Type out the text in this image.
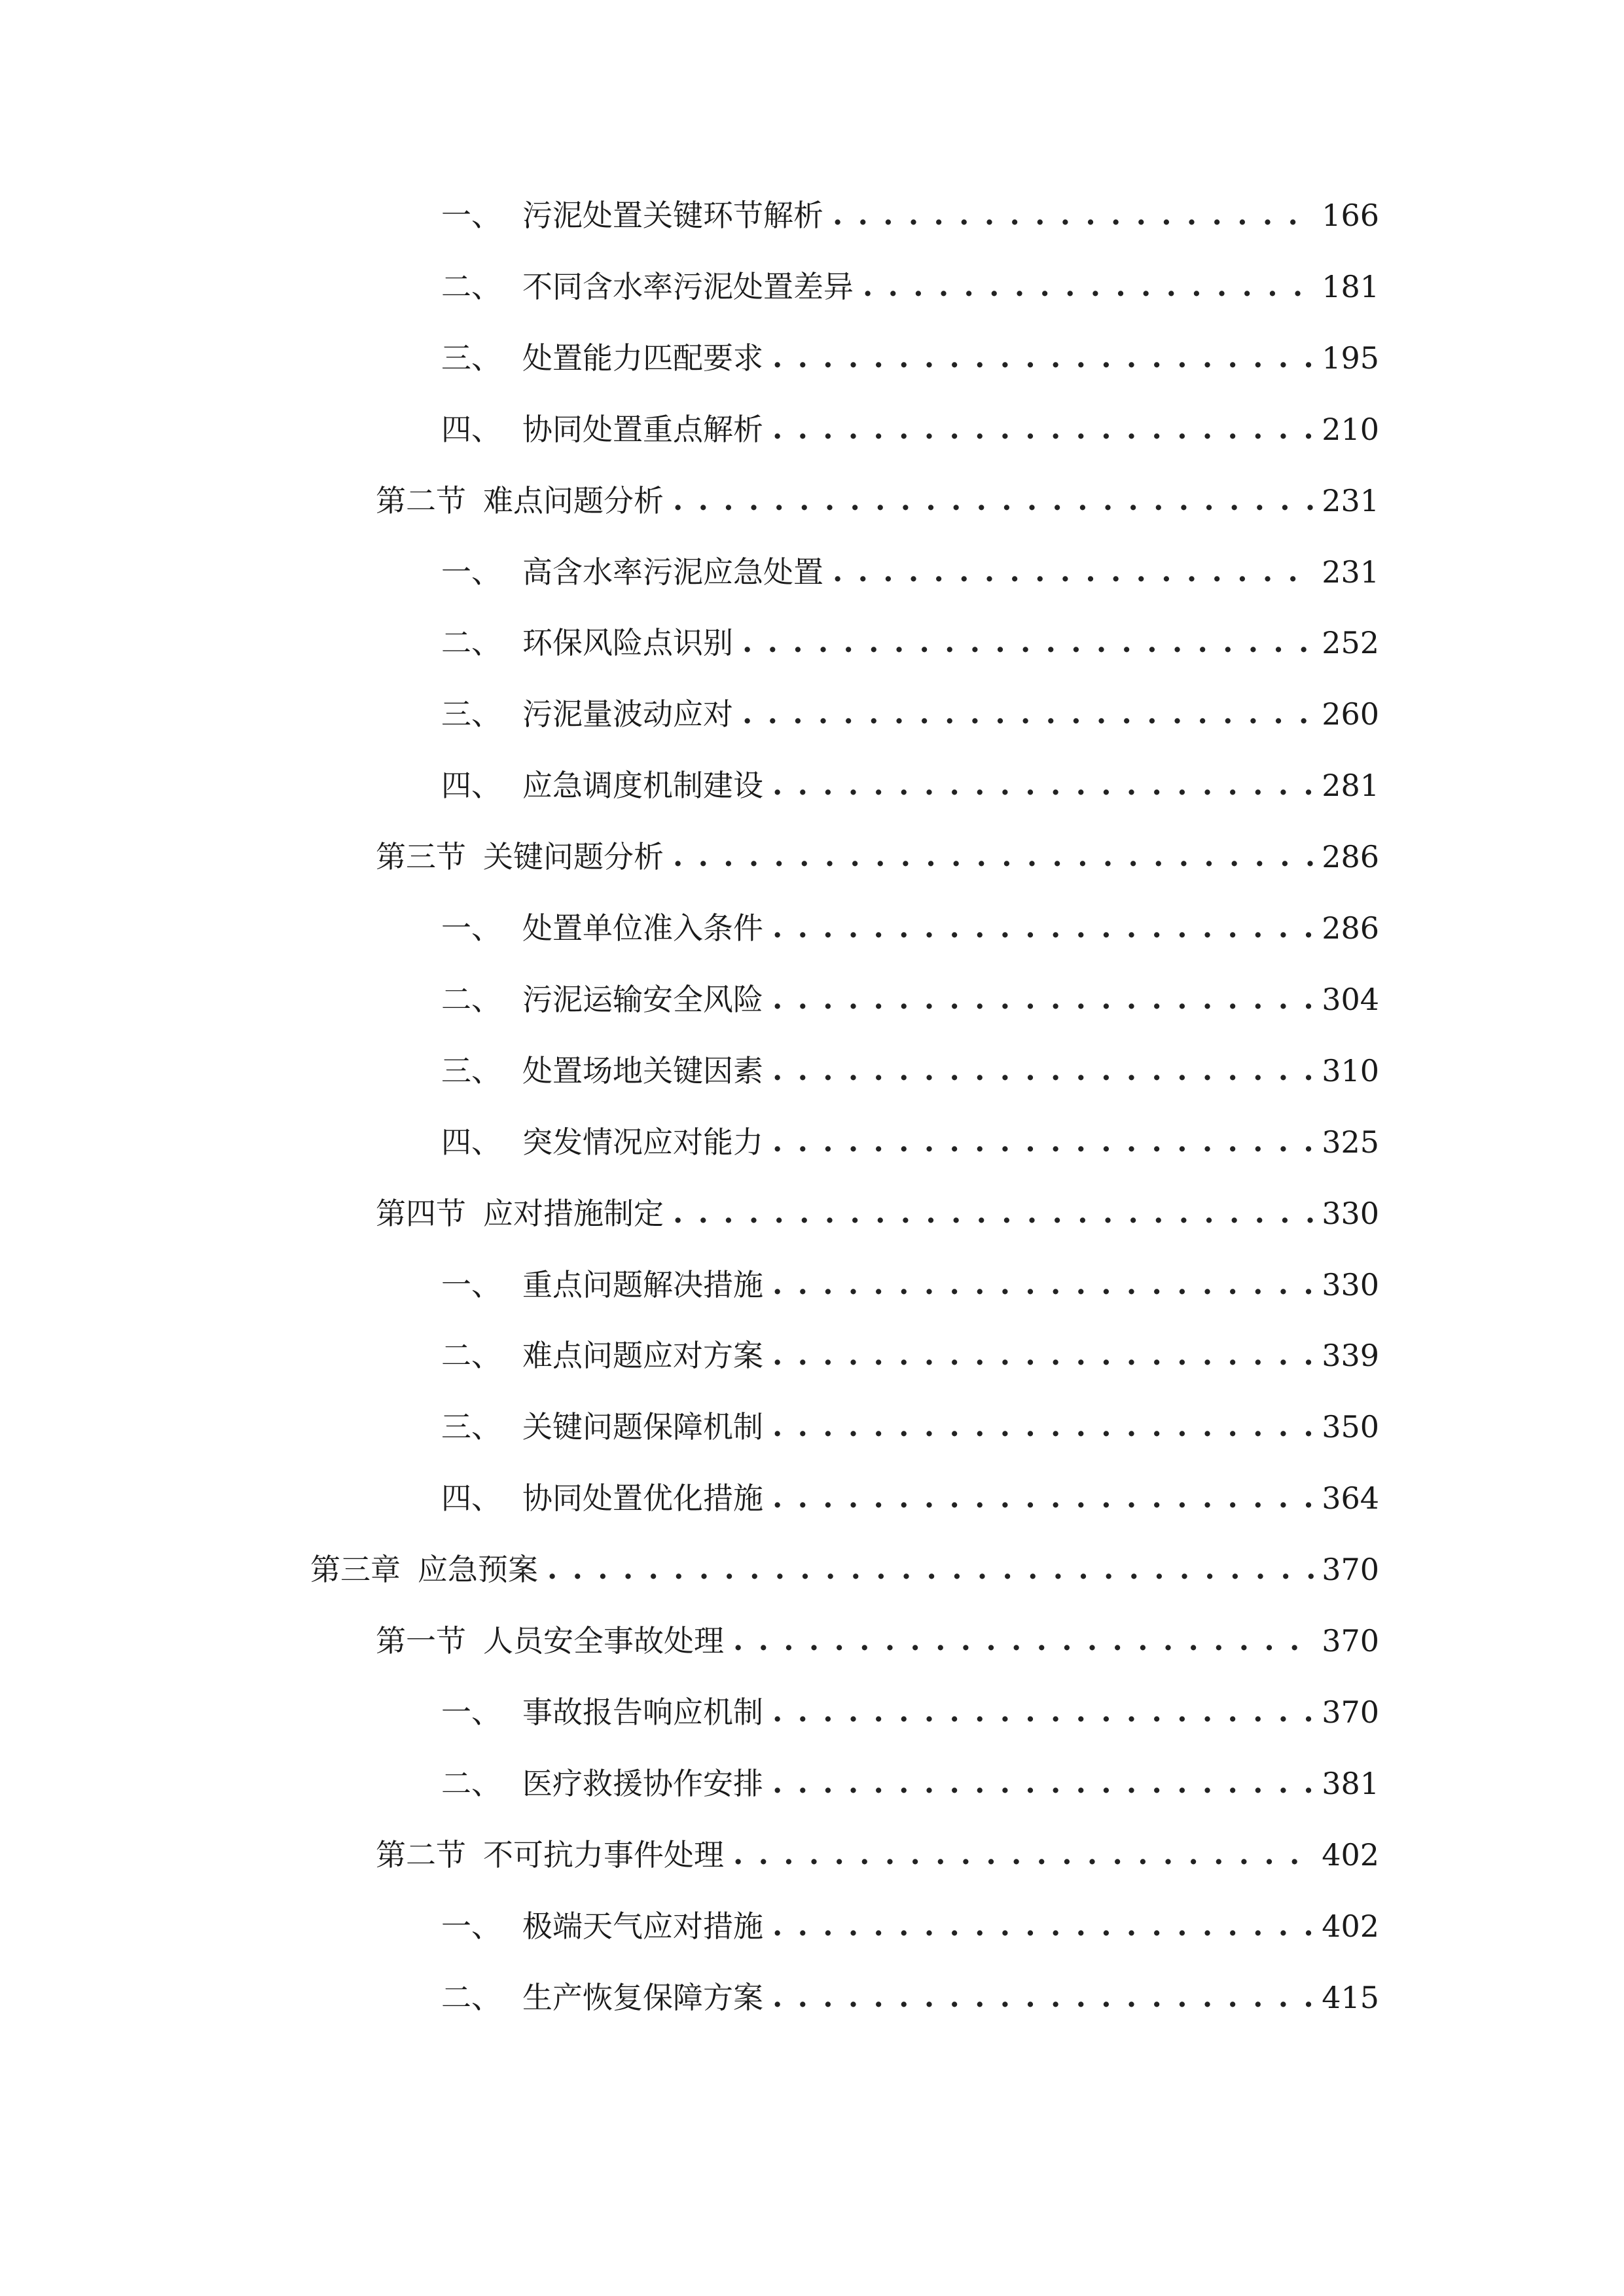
一、 污泥处置关键环节解析 . . .	166
二、 不同含水率污泥处置差异 . . .	181
三、 处置能力匹配要求 . . .	195
四、 协同处置重点解析 . . .	210
第二节 难点问题分析 . . .	231
一、 高含水率污泥应急处置 . . .	231
二、 环保风险点识别 . . .	252
三、 污泥量波动应对 . . .	260
四、 应急调度机制建设 . . .	281
第三节 关键问题分析 . . .	286
一、 处置单位准入条件 . . .	286
二、 污泥运输安全风险 . . .	304
三、 处置场地关键因素 . . .	310
四、 突发情况应对能力 . . .	325
第四节 应对措施制定 . . .	330
一、 重点问题解决措施 . . .	330
二、 难点问题应对方案 . . .	339
三、 关键问题保障机制 . . .	350
四、 协同处置优化措施 . . .	364
第三章 应急预案 . . .	370
第一节 人员安全事故处理 . . .	370
一、 事故报告响应机制 . . .	370
二、 医疗救援协作安排 . . .	381
第二节 不可抗力事件处理 . . .	402
一、 极端天气应对措施 . . .	402
二、 生产恢复保障方案 . . .	415
